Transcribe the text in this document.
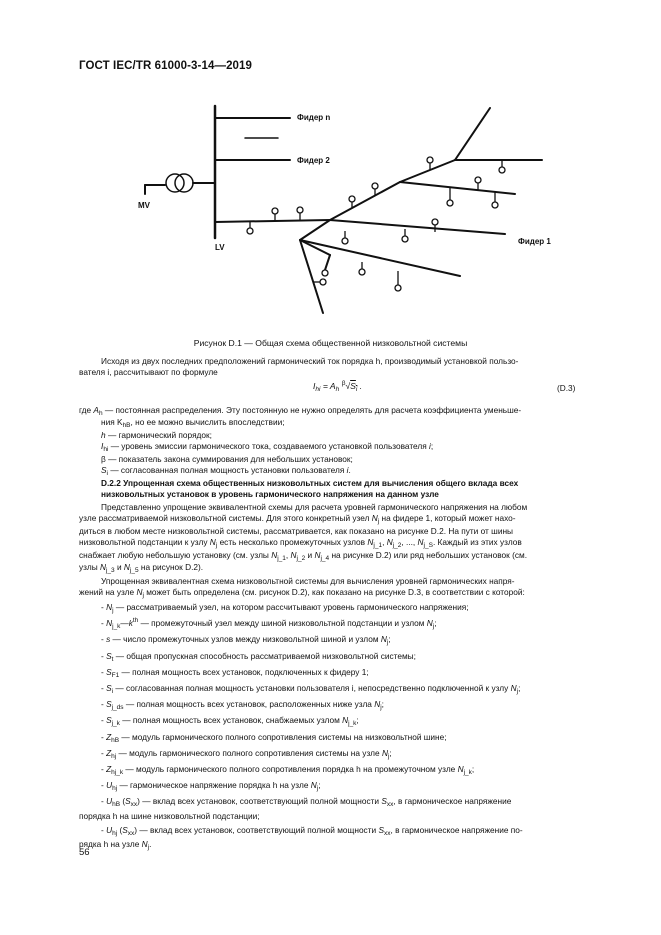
ГОСТ IEC/TR 61000-3-14—2019
Фидер n
Фидер 2
Фидер 1
MV
LV
Рисунок D.1 — Общая схема общественной низковольтной системы

Исходя из двух последних предположений гармонический ток порядка h, производимый установкой пользо-

вателя i, рассчитывают по формуле

$I_{hi} = A_h$ $^\beta√S_i$ .	(D.3)

где $A_h$ — постоянная распределения. Эту постоянную не нужно определять для расчета коэффициента уменьше-

ния $K_{hB}$, но ее можно вычислить впоследствии;

h — гармонический порядок;

$I_{hi}$ — уровень эмиссии гармонического тока, создаваемого установкой пользователя i;

β — показатель закона суммирования для небольших установок;

$S_i$ — согласованная полная мощность установки пользователя i.

D.2.2 Упрощенная схема общественных низковольтных систем для вычисления общего вклада всех

низковольтных установок в уровень гармонического напряжения на данном узле

Представленно упрощение эквивалентной схемы для расчета уровней гармонического напряжения на любом

узле рассматриваемой низковольтной системы. Для этого конкретный узел $N_j$ на фидере 1, который может нахо-

диться в любом месте низковольтной системы, рассматривается, как показано на рисунке D.2. На пути от шины

низковольтной подстанции к узлу $N_j$ есть несколько промежуточных узлов $N_{j\_1}$, $N_{j\_2}$, ..., $N_{j\_S}$. Каждый из этих узлов

снабжает любую небольшую установку (см. узлы $N_{j\_1}$, $N_{j\_2}$ и $N_{j\_4}$ на рисунке D.2) или ряд небольших установок (см.

узлы $N_{j\_3}$ и $N_{j\_5}$ на рисунок D.2).

Упрощенная эквивалентная схема низковольтной системы для вычисления уровней гармонических напря-

жений на узле $N_j$ может быть определена (см. рисунок D.2), как показано на рисунке D.3, в соответствии с которой:

- $N_j$ — рассматриваемый узел, на котором рассчитывают уровень гармонического напряжения;

- $N_{j\_k}—k^{th}$ — промежуточный узел между шиной низковольтной подстанции и узлом $N_j$;

- s — число промежуточных узлов между низковольтной шиной и узлом $N_j$;

- $S_t$ — общая пропускная способность рассматриваемой низковольтной системы;

- $S_{F1}$ — полная мощность всех установок, подключенных к фидеру 1;

- $S_i$ — согласованная полная мощность установки пользователя i, непосредственно подключенной к узлу $N_j$;

- $S_{j\_ds}$ — полная мощность всех установок, расположенных ниже узла $N_j$;

- $S_{j\_k}$ — полная мощность всех установок, снабжаемых узлом $N_{j\_k}$;

- $Z_{hB}$ — модуль гармонического полного сопротивления системы на низковольтной шине;

- $Z_{hj}$ — модуль гармонического полного сопротивления системы на узле $N_j$;

- $Z_{hj\_k}$ — модуль гармонического полного сопротивления порядка h на промежуточном узле $N_{j\_k}$;

- $U_{hj}$ — гармоническое напряжение порядка h на узле $N_j$;

- $U_{hB}$ $(S_{xx})$ — вклад всех установок, соответствующий полной мощности $S_{xx}$, в гармоническое напряжение

порядка h на шине низковольтной подстанции;

- $U_{hj}$ $(S_{xx})$ — вклад всех установок, соответствующий полной мощности $S_{xx}$, в гармоническое напряжение по-

рядка h на узле $N_j$.

56
